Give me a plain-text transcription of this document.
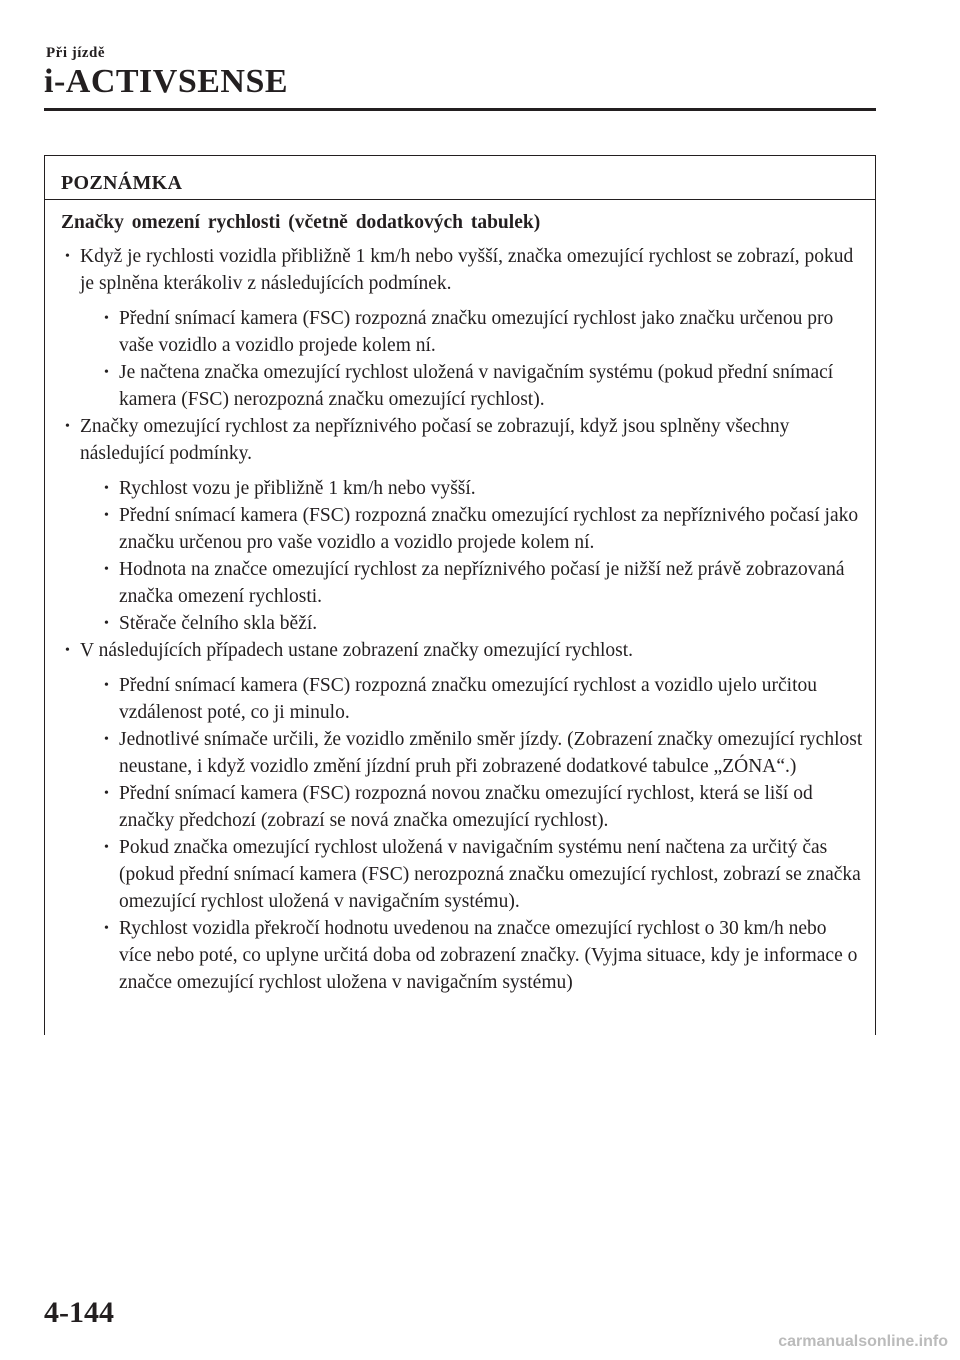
Při jízdě
i-ACTIVSENSE
POZNÁMKA
Značky omezení rychlosti (včetně dodatkových tabulek)
• Když je rychlosti vozidla přibližně 1 km/h nebo vyšší, značka omezující rychlost se zobrazí, pokud je splněna kterákoliv z následujících podmínek.
• Přední snímací kamera (FSC) rozpozná značku omezující rychlost jako značku určenou pro vaše vozidlo a vozidlo projede kolem ní.
• Je načtena značka omezující rychlost uložená v navigačním systému (pokud přední snímací kamera (FSC) nerozpozná značku omezující rychlost).
• Značky omezující rychlost za nepříznivého počasí se zobrazují, když jsou splněny všechny následující podmínky.
• Rychlost vozu je přibližně 1 km/h nebo vyšší.
• Přední snímací kamera (FSC) rozpozná značku omezující rychlost za nepříznivého počasí jako značku určenou pro vaše vozidlo a vozidlo projede kolem ní.
• Hodnota na značce omezující rychlost za nepříznivého počasí je nižší než právě zobrazovaná značka omezení rychlosti.
• Stěrače čelního skla běží.
• V následujících případech ustane zobrazení značky omezující rychlost.
• Přední snímací kamera (FSC) rozpozná značku omezující rychlost a vozidlo ujelo určitou vzdálenost poté, co ji minulo.
• Jednotlivé snímače určili, že vozidlo změnilo směr jízdy. (Zobrazení značky omezující rychlost neustane, i když vozidlo změní jízdní pruh při zobrazené dodatkové tabulce „ZÓNA“.)
• Přední snímací kamera (FSC) rozpozná novou značku omezující rychlost, která se liší od značky předchozí (zobrazí se nová značka omezující rychlost).
• Pokud značka omezující rychlost uložená v navigačním systému není načtena za určitý čas (pokud přední snímací kamera (FSC) nerozpozná značku omezující rychlost, zobrazí se značka omezující rychlost uložená v navigačním systému).
• Rychlost vozidla překročí hodnotu uvedenou na značce omezující rychlost o 30 km/h nebo více nebo poté, co uplyne určitá doba od zobrazení značky. (Vyjma situace, kdy je informace o značce omezující rychlost uložena v navigačním systému)
4-144
carmanualsonline.info
